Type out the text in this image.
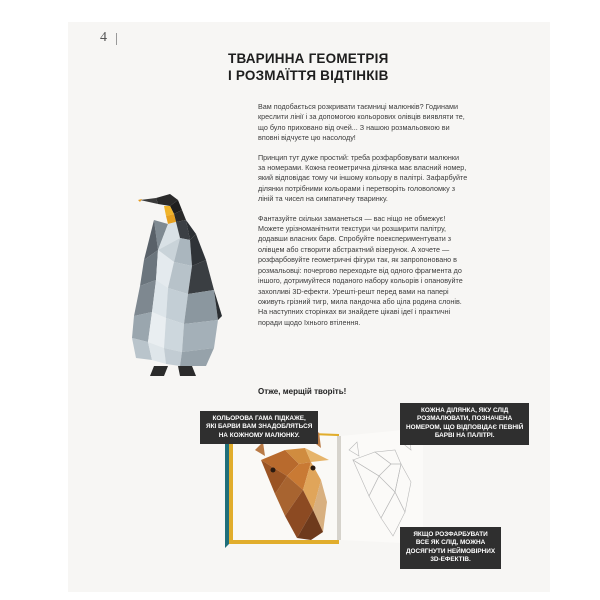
4
ТВАРИННА ГЕОМЕТРІЯ
І РОЗМАЇТТЯ ВІДТІНКІВ

Вам подобається розкривати таємниці малюнків? Годинами креслити лінії і за допомогою кольорових олівців виявляти те, що було приховано від очей... З нашою розмальовкою ви вповні відчуєте цю насолоду!

Принцип тут дуже простий: треба розфарбовувати малюнки за номерами. Кожна геометрична ділянка має власний номер, який відповідає тому чи іншому кольору в палітрі. Зафарбуйте ділянки потрібними кольорами і перетворіть головоломку з ліній та чисел на симпатичну тваринку.

Фантазуйте скільки заманеться — вас ніщо не обмежує! Можете урізноманітнити текстури чи розширити палітру, додавши власних барв. Спробуйте поекспериментувати з олівцем або створити абстрактний візерунок. А хочете — розфарбовуйте геометричні фігури так, як запропоновано в розмальовці: почергово переходьте від одного фрагмента до іншого, дотримуйтеся поданого набору кольорів і опановуйте захопливі 3D-ефекти. Урешті-решт перед вами на папері оживуть грізний тигр, мила пандочка або ціла родина слонів. На наступних сторінках ви знайдете цікаві ідеї і практичні поради щодо їхнього втілення.

Отже, мерщій творіть!
КОЛЬОРОВА ГАМА ПІДКАЖЕ,
ЯКІ БАРВИ ВАМ ЗНАДОБЛЯТЬСЯ
НА КОЖНОМУ МАЛЮНКУ.
КОЖНА ДІЛЯНКА, ЯКУ СЛІД
РОЗМАЛЮВАТИ, ПОЗНАЧЕНА
НОМЕРОМ, ЩО ВІДПОВІДАЄ ПЕВНІЙ
БАРВІ НА ПАЛІТРІ.
ЯКЩО РОЗФАРБУВАТИ
ВСЕ ЯК СЛІД, МОЖНА
ДОСЯГНУТИ НЕЙМОВІРНИХ
3D-ЕФЕКТІВ.
